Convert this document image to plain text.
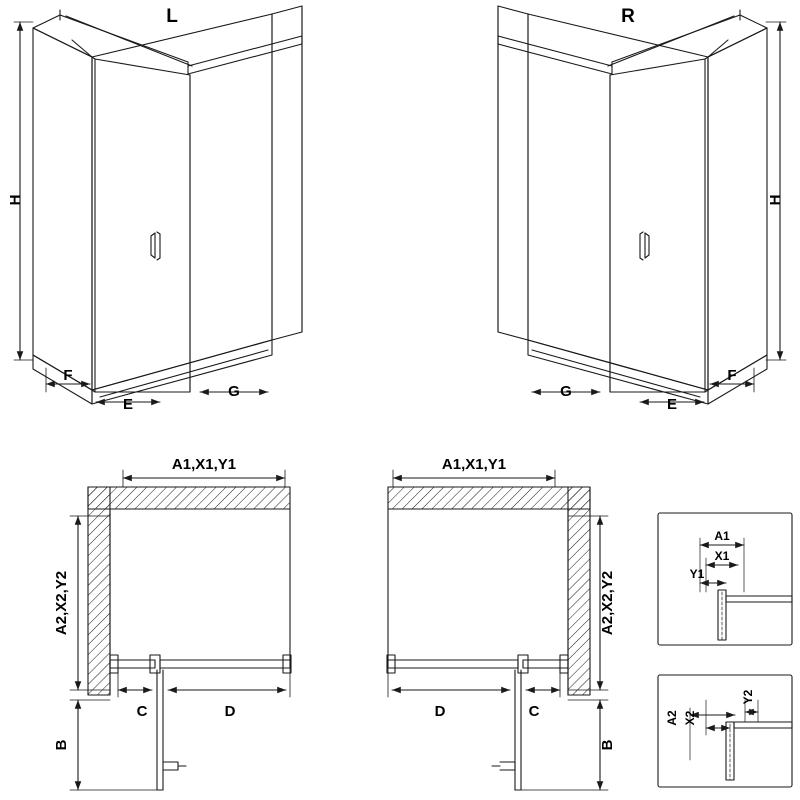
L	R
H	H
F
E
G
F
E
G
A1,X1,Y1	A1,X1,Y1
A2,X2,Y2	A2,X2,Y2
B	B
C	D	D	C
A1
X1
Y1
A2 X2
Y2
